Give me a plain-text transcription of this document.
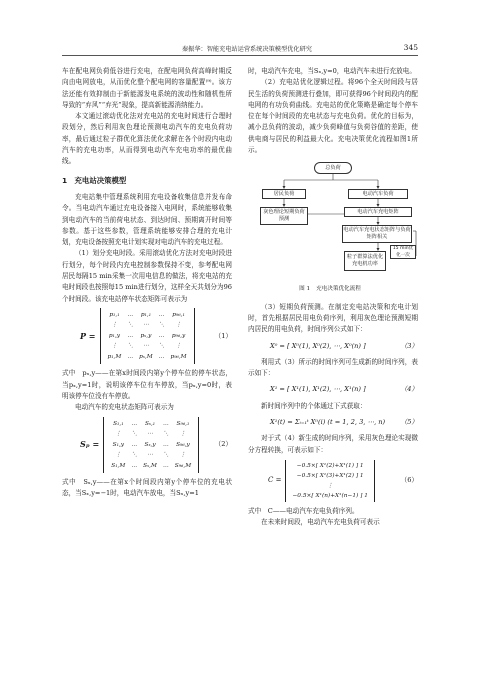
秦振华：智能充电站运营系统决策模型优化研究	345

车在配电网负荷低谷进行充电，在配电网负荷高峰时期反向由电网放电，从而优化整个配电网的容量配置⁽⁹⁾。该方法还能有效抑制由于新能源发电系统的波动性和随机性所导致的“弃风”“弃光”现象，提高新能源消纳能力。

本文通过滚动优化法对充电站的充电时间进行合理时段划分，然后利用灰色理论预测电动汽车的充电负荷功率，最后通过粒子群优化算法优化求解在各个时段内电动汽车的充电功率，从而得到电动汽车充电功率的最优曲线。

1　充电站决策模型

充电站集中管理系统利用充电设备收集信息并发布命令。当电动汽车通过充电设备接入电网时，系统能够收集到电动汽车的当前荷电状态、到达时间、预期离开时间等参数。基于这些参数，管理系统能够安排合理的充电计划，充电设备按照充电计划实现对电动汽车的充电过程。

（1）划分充电时段。采用滚动优化方法对充电时段进行划分，每个时段内充电控制参数保持不变，参考配电网居民每隔15 min采集一次用电信息的做法，将充电站的充电时间段也按照每15 min进行划分，这样全天共划分为96个时间段。该充电站停车状态矩阵可表示为

P =
p₁,₁	…	p₁,₁	…	p₉₆,₁
⋮	⋱	⋯	⋱	⋮
p₁,y	…	pₓ,y	…	p₉₆,y
⋮	⋱	⋯	⋱	⋮
p₁,M	…	pₓ,M	…	p₉₆,M
（1）

式中　pₓ,y——在第x时间段内第y个停车位的停车状态，当pₓ,y=1时，说明该停车位有车停放，当pₓ,y=0时，表明该停车位没有车停放。

电动汽车的充电状态矩阵可表示为

Sₚ =
S₁,₁	…	Sₓ,₁	…	S₉₆,₁
⋮	⋱	⋯	⋱	⋮
S₁,y	…	Sₓ,y	…	S₉₆,y
⋮	⋱	⋯	⋱	⋮
S₁,M	…	Sₓ,M	…	S₉₆,M
（2）

式中　Sₓ,y——在第x个时间段内第y个停车位的充电状态，当Sₓ,y=−1时，电动汽车放电，当Sₓ,y=1

时，电动汽车充电，当Sₓ,y=0，电动汽车未进行充放电。

（2）充电站优化逻辑过程。将96个全天时间段与居民生活的负荷预测进行叠加，即可获得96个时间段内的配电网的有功负荷曲线。充电站的优化策略是确定每个停车位在每个时间段的充电状态与充电负荷。优化的目标为，减小总负荷的波动，减少负荷峰值与负荷谷值的差距，使供电商与居民的利益最大化。充电决策优化流程如图1所示。

总负荷
居民负荷	电动汽车负荷
灰色理论短期负荷预测
电动汽车充电矩阵
电动汽车充电状态矩阵与负荷矩阵相关
15 min优化一次
粒子群算法优化充电机功率
图 1 充电决策优化流程

（3）短期负荷预测。在制定充电站决策和充电计划时，首先根据居民用电负荷序列，利用灰色理论预测短期内居民的用电负荷，时间序列公式如下：

X⁰ = [ X⁰(1), X⁰(2), ⋯, X⁰(n) ]	（3）

利用式（3）所示的时间序列可生成新的时间序列，表示如下：

X¹ = [ X¹(1), X¹(2), ⋯, X¹(n) ]	（4）

新时间序列中的个体通过下式获取：

X¹(t) = Σᵢ₌₁ᵗ X⁰(i) (t = 1, 2, 3, ⋯, n) （5）

对于式（4）新生成的时间序列，采用灰色理论实现微分方程转换，可表示如下：

C =
−0.5×[ X¹(2)+X¹(1) ] 1
−0.5×[ X¹(3)+X¹(2) ] 1
⋮
−0.5×[ X¹(n)+X¹(n−1) ] 1
（6）

式中　C——电动汽车充电负荷序列。

在未来时间段，电动汽车充电负荷可表示
